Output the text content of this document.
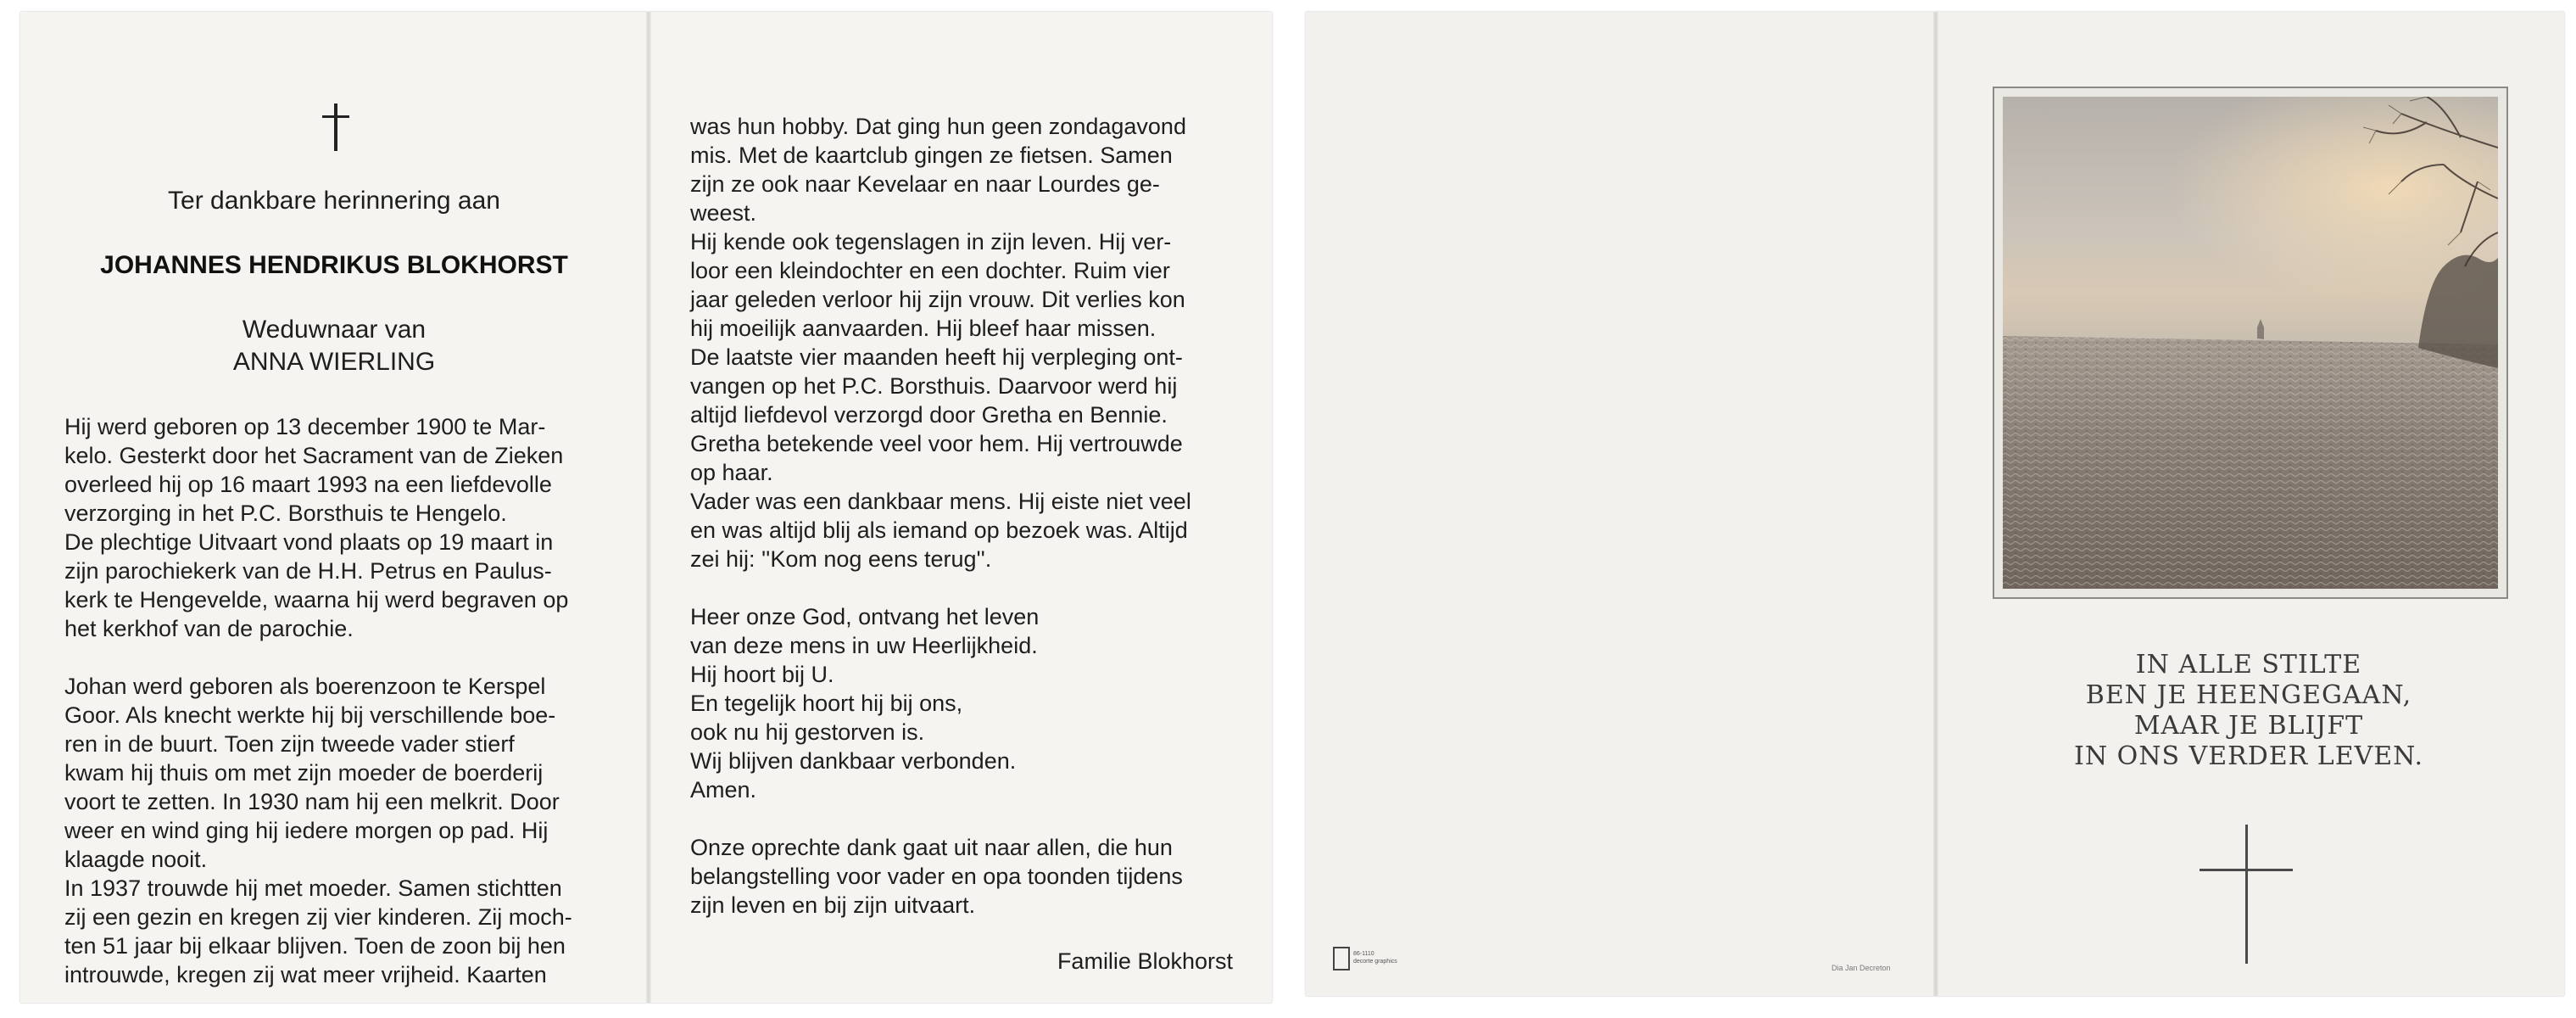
Ter dankbare herinnering aan
JOHANNES HENDRIKUS BLOKHORST
Weduwnaar van
ANNA WIERLING
Hij werd geboren op 13 december 1900 te Mar-
kelo. Gesterkt door het Sacrament van de Zieken
overleed hij op 16 maart 1993 na een liefdevolle
verzorging in het P.C. Borsthuis te Hengelo.
De plechtige Uitvaart vond plaats op 19 maart in
zijn parochiekerk van de H.H. Petrus en Paulus-
kerk te Hengevelde, waarna hij werd begraven op
het kerkhof van de parochie.
Johan werd geboren als boerenzoon te Kerspel
Goor. Als knecht werkte hij bij verschillende boe-
ren in de buurt. Toen zijn tweede vader stierf
kwam hij thuis om met zijn moeder de boerderij
voort te zetten. In 1930 nam hij een melkrit. Door
weer en wind ging hij iedere morgen op pad. Hij
klaagde nooit.
In 1937 trouwde hij met moeder. Samen stichtten
zij een gezin en kregen zij vier kinderen. Zij moch-
ten 51 jaar bij elkaar blijven. Toen de zoon bij hen
introuwde, kregen zij wat meer vrijheid. Kaarten
was hun hobby. Dat ging hun geen zondagavond
mis. Met de kaartclub gingen ze fietsen. Samen
zijn ze ook naar Kevelaar en naar Lourdes ge-
weest.
Hij kende ook tegenslagen in zijn leven. Hij ver-
loor een kleindochter en een dochter. Ruim vier
jaar geleden verloor hij zijn vrouw. Dit verlies kon
hij moeilijk aanvaarden. Hij bleef haar missen.
De laatste vier maanden heeft hij verpleging ont-
vangen op het P.C. Borsthuis. Daarvoor werd hij
altijd liefdevol verzorgd door Gretha en Bennie.
Gretha betekende veel voor hem. Hij vertrouwde
op haar.
Vader was een dankbaar mens. Hij eiste niet veel
en was altijd blij als iemand op bezoek was. Altijd
zei hij: ''Kom nog eens terug''.
Heer onze God, ontvang het leven
van deze mens in uw Heerlijkheid.
Hij hoort bij U.
En tegelijk hoort hij bij ons,
ook nu hij gestorven is.
Wij blijven dankbaar verbonden.
Amen.
Onze oprechte dank gaat uit naar allen, die hun
belangstelling voor vader en opa toonden tijdens
zijn leven en bij zijn uitvaart.
Familie Blokhorst
IN ALLE STILTE
BEN JE HEENGEGAAN,
MAAR JE BLIJFT
IN ONS VERDER LEVEN.
86-1110
decorte graphics
Dia Jan Decreton
